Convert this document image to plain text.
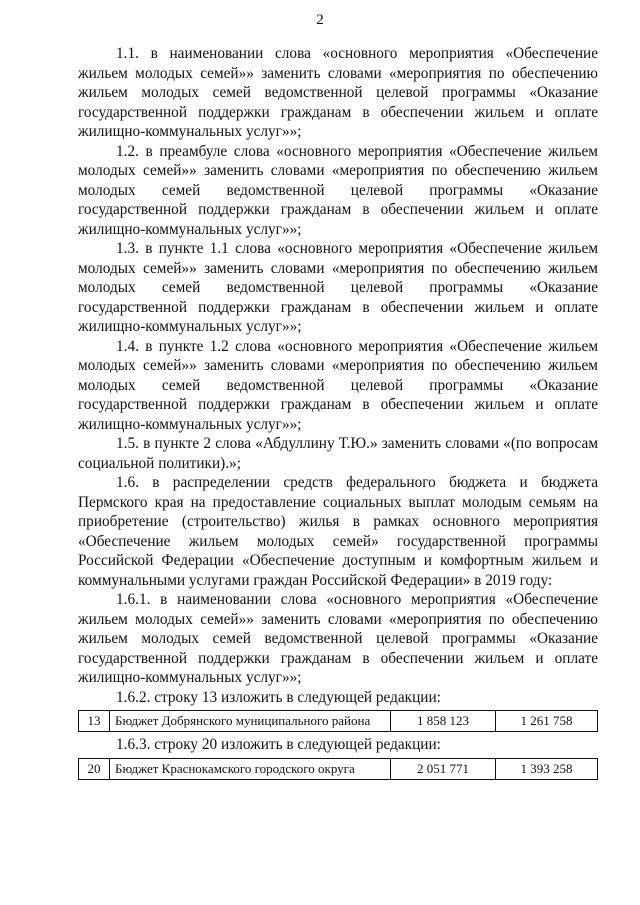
2

1.1. в наименовании слова «основного мероприятия «Обеспечение жильем молодых семей»» заменить словами «мероприятия по обеспечению жильем молодых семей ведомственной целевой программы «Оказание государственной поддержки гражданам в обеспечении жильем и оплате жилищно-коммунальных услуг»»;

1.2. в преамбуле слова «основного мероприятия «Обеспечение жильем молодых семей»» заменить словами «мероприятия по обеспечению жильем молодых семей ведомственной целевой программы «Оказание государственной поддержки гражданам в обеспечении жильем и оплате жилищно-коммунальных услуг»»;

1.3. в пункте 1.1 слова «основного мероприятия «Обеспечение жильем молодых семей»» заменить словами «мероприятия по обеспечению жильем молодых семей ведомственной целевой программы «Оказание государственной поддержки гражданам в обеспечении жильем и оплате жилищно-коммунальных услуг»»;

1.4. в пункте 1.2 слова «основного мероприятия «Обеспечение жильем молодых семей»» заменить словами «мероприятия по обеспечению жильем молодых семей ведомственной целевой программы «Оказание государственной поддержки гражданам в обеспечении жильем и оплате жилищно-коммунальных услуг»»;

1.5. в пункте 2 слова «Абдуллину Т.Ю.» заменить словами «(по вопросам социальной политики).»;

1.6. в распределении средств федерального бюджета и бюджета Пермского края на предоставление социальных выплат молодым семьям на приобретение (строительство) жилья в рамках основного мероприятия «Обеспечение жильем молодых семей» государственной программы Российской Федерации «Обеспечение доступным и комфортным жильем и коммунальными услугами граждан Российской Федерации» в 2019 году:

1.6.1. в наименовании слова «основного мероприятия «Обеспечение жильем молодых семей»» заменить словами «мероприятия по обеспечению жильем молодых семей ведомственной целевой программы «Оказание государственной поддержки гражданам в обеспечении жильем и оплате жилищно-коммунальных услуг»»;

1.6.2. строку 13 изложить в следующей редакции:

13	Бюджет Добрянского муниципального района	1 858 123	1 261 758

1.6.3. строку 20 изложить в следующей редакции:

20	Бюджет Краснокамского городского округа	2 051 771	1 393 258
